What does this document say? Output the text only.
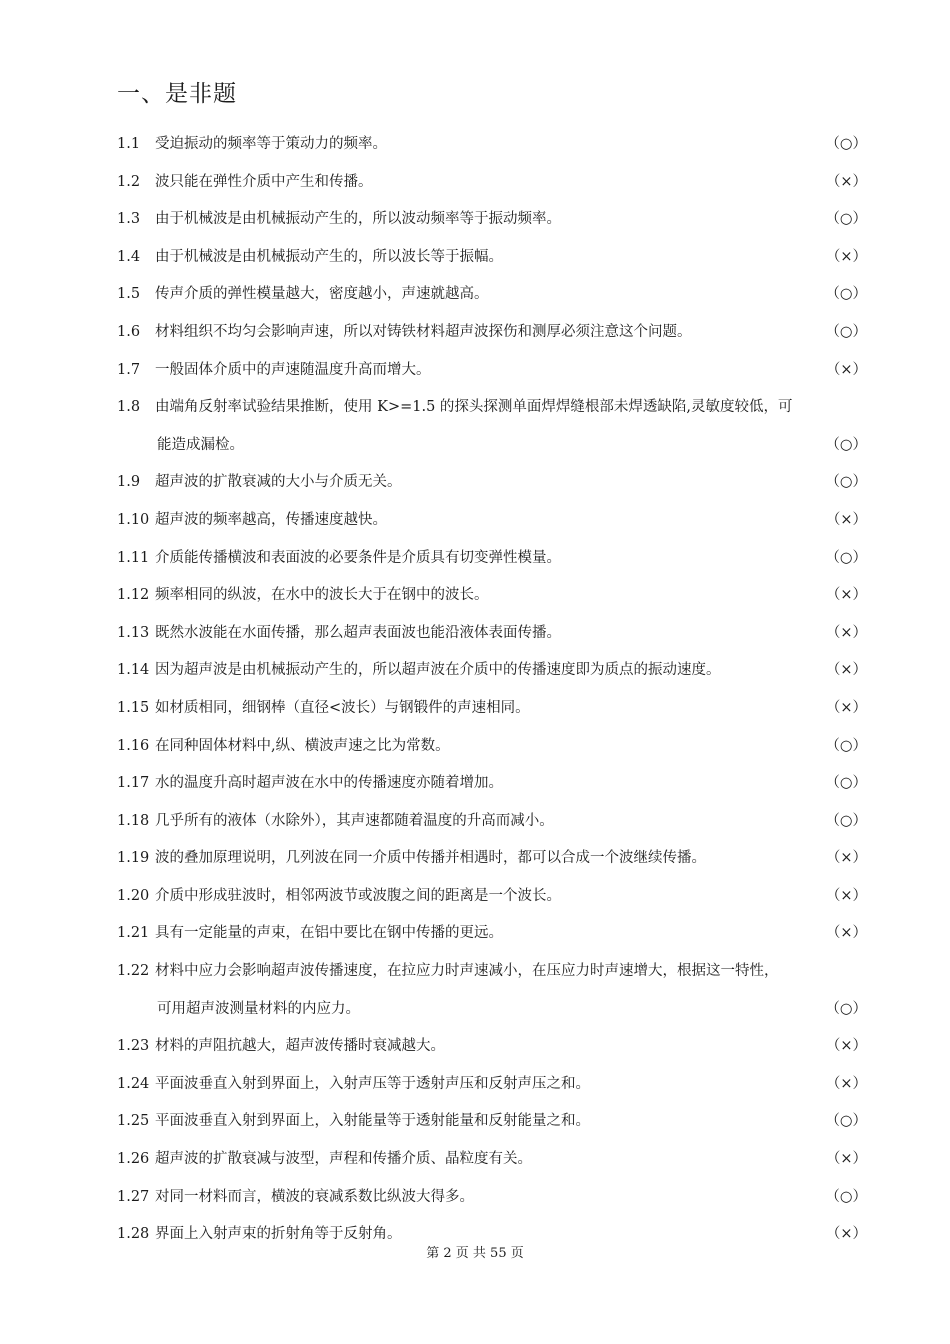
一、是非题
1.1	受迫振动的频率等于策动力的频率。	（○）
1.2	波只能在弹性介质中产生和传播。	（×）
1.3	由于机械波是由机械振动产生的，所以波动频率等于振动频率。	（○）
1.4	由于机械波是由机械振动产生的，所以波长等于振幅。	（×）
1.5	传声介质的弹性模量越大，密度越小，声速就越高。	（○）
1.6	材料组织不均匀会影响声速，所以对铸铁材料超声波探伤和测厚必须注意这个问题。	（○）
1.7	一般固体介质中的声速随温度升高而增大。	（×）
1.8	由端角反射率试验结果推断，使用 K>=1.5 的探头探测单面焊焊缝根部未焊透缺陷,灵敏度较低，可
能造成漏检。	（○）
1.9	超声波的扩散衰减的大小与介质无关。	（○）
1.10 超声波的频率越高，传播速度越快。	（×）
1.11 介质能传播横波和表面波的必要条件是介质具有切变弹性模量。	（○）
1.12 频率相同的纵波，在水中的波长大于在钢中的波长。	（×）
1.13 既然水波能在水面传播，那么超声表面波也能沿液体表面传播。	（×）
1.14 因为超声波是由机械振动产生的，所以超声波在介质中的传播速度即为质点的振动速度。	（×）
1.15 如材质相同，细钢棒（直径<波长）与钢锻件的声速相同。	（×）
1.16 在同种固体材料中,纵、横波声速之比为常数。	（○）
1.17 水的温度升高时超声波在水中的传播速度亦随着增加。	（○）
1.18 几乎所有的液体（水除外），其声速都随着温度的升高而减小。	（○）
1.19 波的叠加原理说明，几列波在同一介质中传播并相遇时，都可以合成一个波继续传播。	（×）
1.20 介质中形成驻波时，相邻两波节或波腹之间的距离是一个波长。	（×）
1.21 具有一定能量的声束，在铝中要比在钢中传播的更远。	（×）
1.22 材料中应力会影响超声波传播速度，在拉应力时声速减小，在压应力时声速增大，根据这一特性，
可用超声波测量材料的内应力。	（○）
1.23 材料的声阻抗越大，超声波传播时衰减越大。	（×）
1.24 平面波垂直入射到界面上，入射声压等于透射声压和反射声压之和。	（×）
1.25 平面波垂直入射到界面上，入射能量等于透射能量和反射能量之和。	（○）
1.26 超声波的扩散衰减与波型，声程和传播介质、晶粒度有关。	（×）
1.27 对同一材料而言，横波的衰减系数比纵波大得多。	（○）
1.28 界面上入射声束的折射角等于反射角。	（×）
第 2 页 共 55 页
